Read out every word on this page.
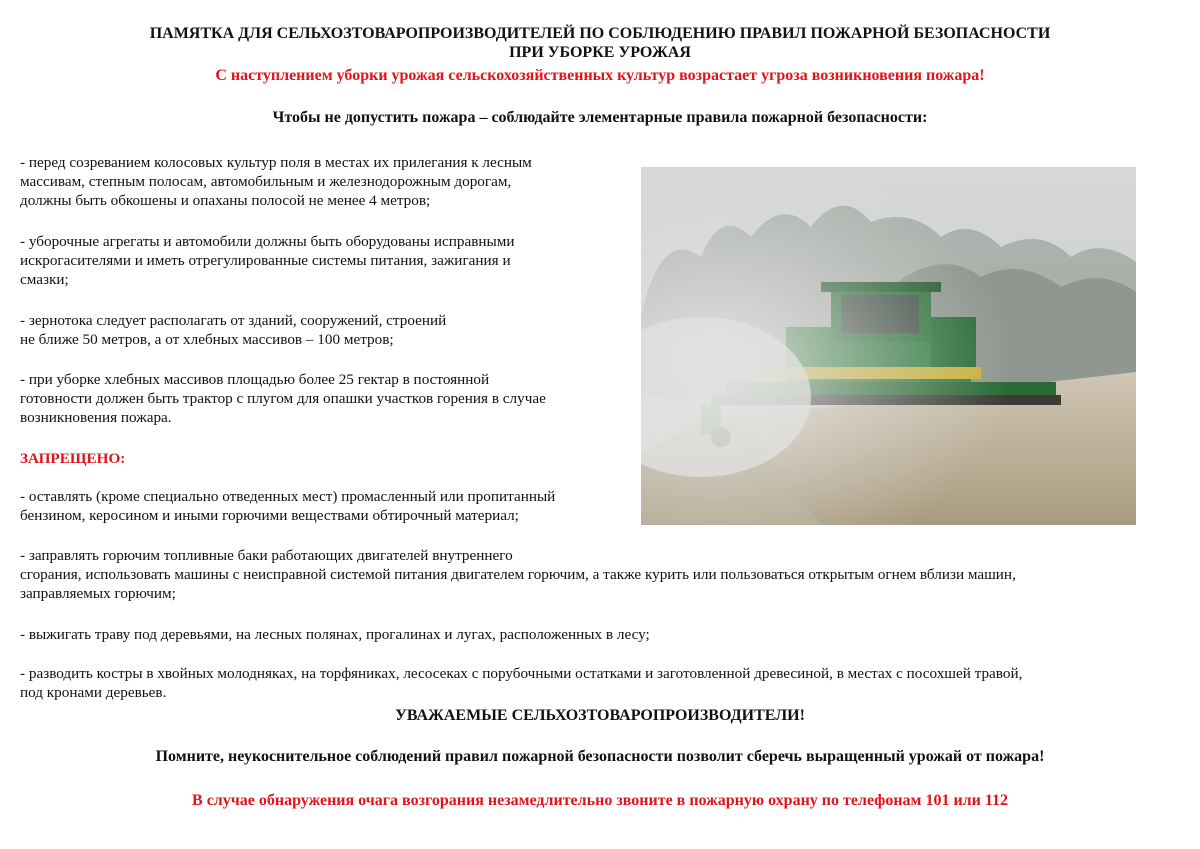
ПАМЯТКА ДЛЯ СЕЛЬХОЗТОВАРОПРОИЗВОДИТЕЛЕЙ ПО СОБЛЮДЕНИЮ ПРАВИЛ ПОЖАРНОЙ БЕЗОПАСНОСТИ
ПРИ УБОРКЕ УРОЖАЯ
С наступлением уборки урожая сельскохозяйственных культур возрастает угроза возникновения пожара!
Чтобы не допустить пожара – соблюдайте элементарные правила пожарной безопасности:

- перед созреванием колосовых культур поля в местах их прилегания к лесным
массивам, степным полосам, автомобильным и железнодорожным дорогам,
должны быть обкошены и опаханы полосой не менее 4 метров;

- уборочные агрегаты и автомобили должны быть оборудованы исправными
искрогасителями и иметь отрегулированные системы питания, зажигания и
смазки;

- зернотока следует располагать от зданий, сооружений, строений
не ближе 50 метров, а от хлебных массивов – 100 метров;

- при уборке хлебных массивов площадью более 25 гектар в постоянной
готовности должен быть трактор с плугом для опашки участков горения в случае
возникновения пожара.

ЗАПРЕЩЕНО:

- оставлять (кроме специально отведенных мест) промасленный или пропитанный
бензином, керосином и иными горючими веществами обтирочный материал;

- заправлять горючим топливные баки работающих двигателей внутреннего
сгорания, использовать машины с неисправной системой питания двигателем горючим, а также курить или пользоваться открытым огнем вблизи машин,
заправляемых горючим;

- выжигать траву под деревьями, на лесных полянах, прогалинах и лугах, расположенных в лесу;

- разводить костры в хвойных молодняках, на торфяниках, лесосеках с порубочными остатками и заготовленной древесиной, в местах с посохшей травой,
под кронами деревьев.

УВАЖАЕМЫЕ СЕЛЬХОЗТОВАРОПРОИЗВОДИТЕЛИ!
Помните, неукоснительное соблюдений правил пожарной безопасности позволит сберечь выращенный урожай от пожара!
В случае обнаружения очага возгорания незамедлительно звоните в пожарную охрану по телефонам 101 или 112
